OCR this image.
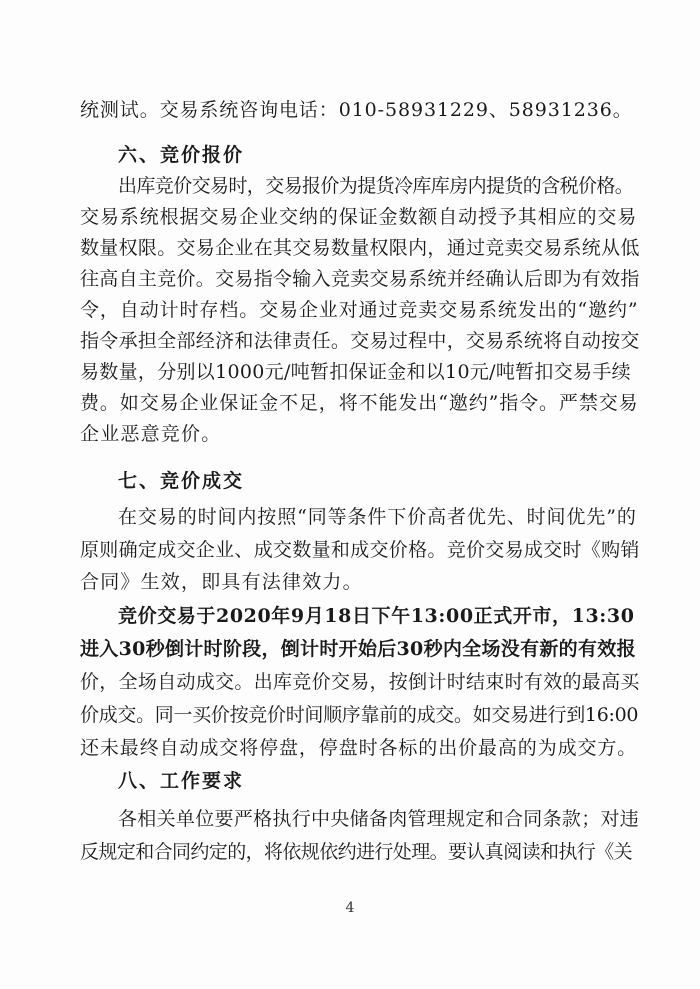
统测试。交易系统咨询电话：010-58931229、58931236。
六、竞价报价
出库竞价交易时，交易报价为提货冷库库房内提货的含税价格。
交易系统根据交易企业交纳的保证金数额自动授予其相应的交易
数量权限。交易企业在其交易数量权限内，通过竞卖交易系统从低
往高自主竞价。交易指令输入竞卖交易系统并经确认后即为有效指
令，自动计时存档。交易企业对通过竞卖交易系统发出的“邀约”
指令承担全部经济和法律责任。交易过程中，交易系统将自动按交
易数量，分别以1000元/吨暂扣保证金和以10元/吨暂扣交易手续
费。如交易企业保证金不足，将不能发出“邀约”指令。严禁交易
企业恶意竞价。
七、竞价成交
在交易的时间内按照“同等条件下价高者优先、时间优先”的
原则确定成交企业、成交数量和成交价格。竞价交易成交时《购销
合同》生效，即具有法律效力。
竞价交易于2020年9月18日下午13:00正式开市，13:30
进入30秒倒计时阶段，倒计时开始后30秒内全场没有新的有效报
价，全场自动成交。出库竞价交易，按倒计时结束时有效的最高买
价成交。同一买价按竞价时间顺序靠前的成交。如交易进行到16:00
还未最终自动成交将停盘，停盘时各标的出价最高的为成交方。
八、工作要求
各相关单位要严格执行中央储备肉管理规定和合同条款；对违
反规定和合同约定的，将依规依约进行处理。要认真阅读和执行《关
4
